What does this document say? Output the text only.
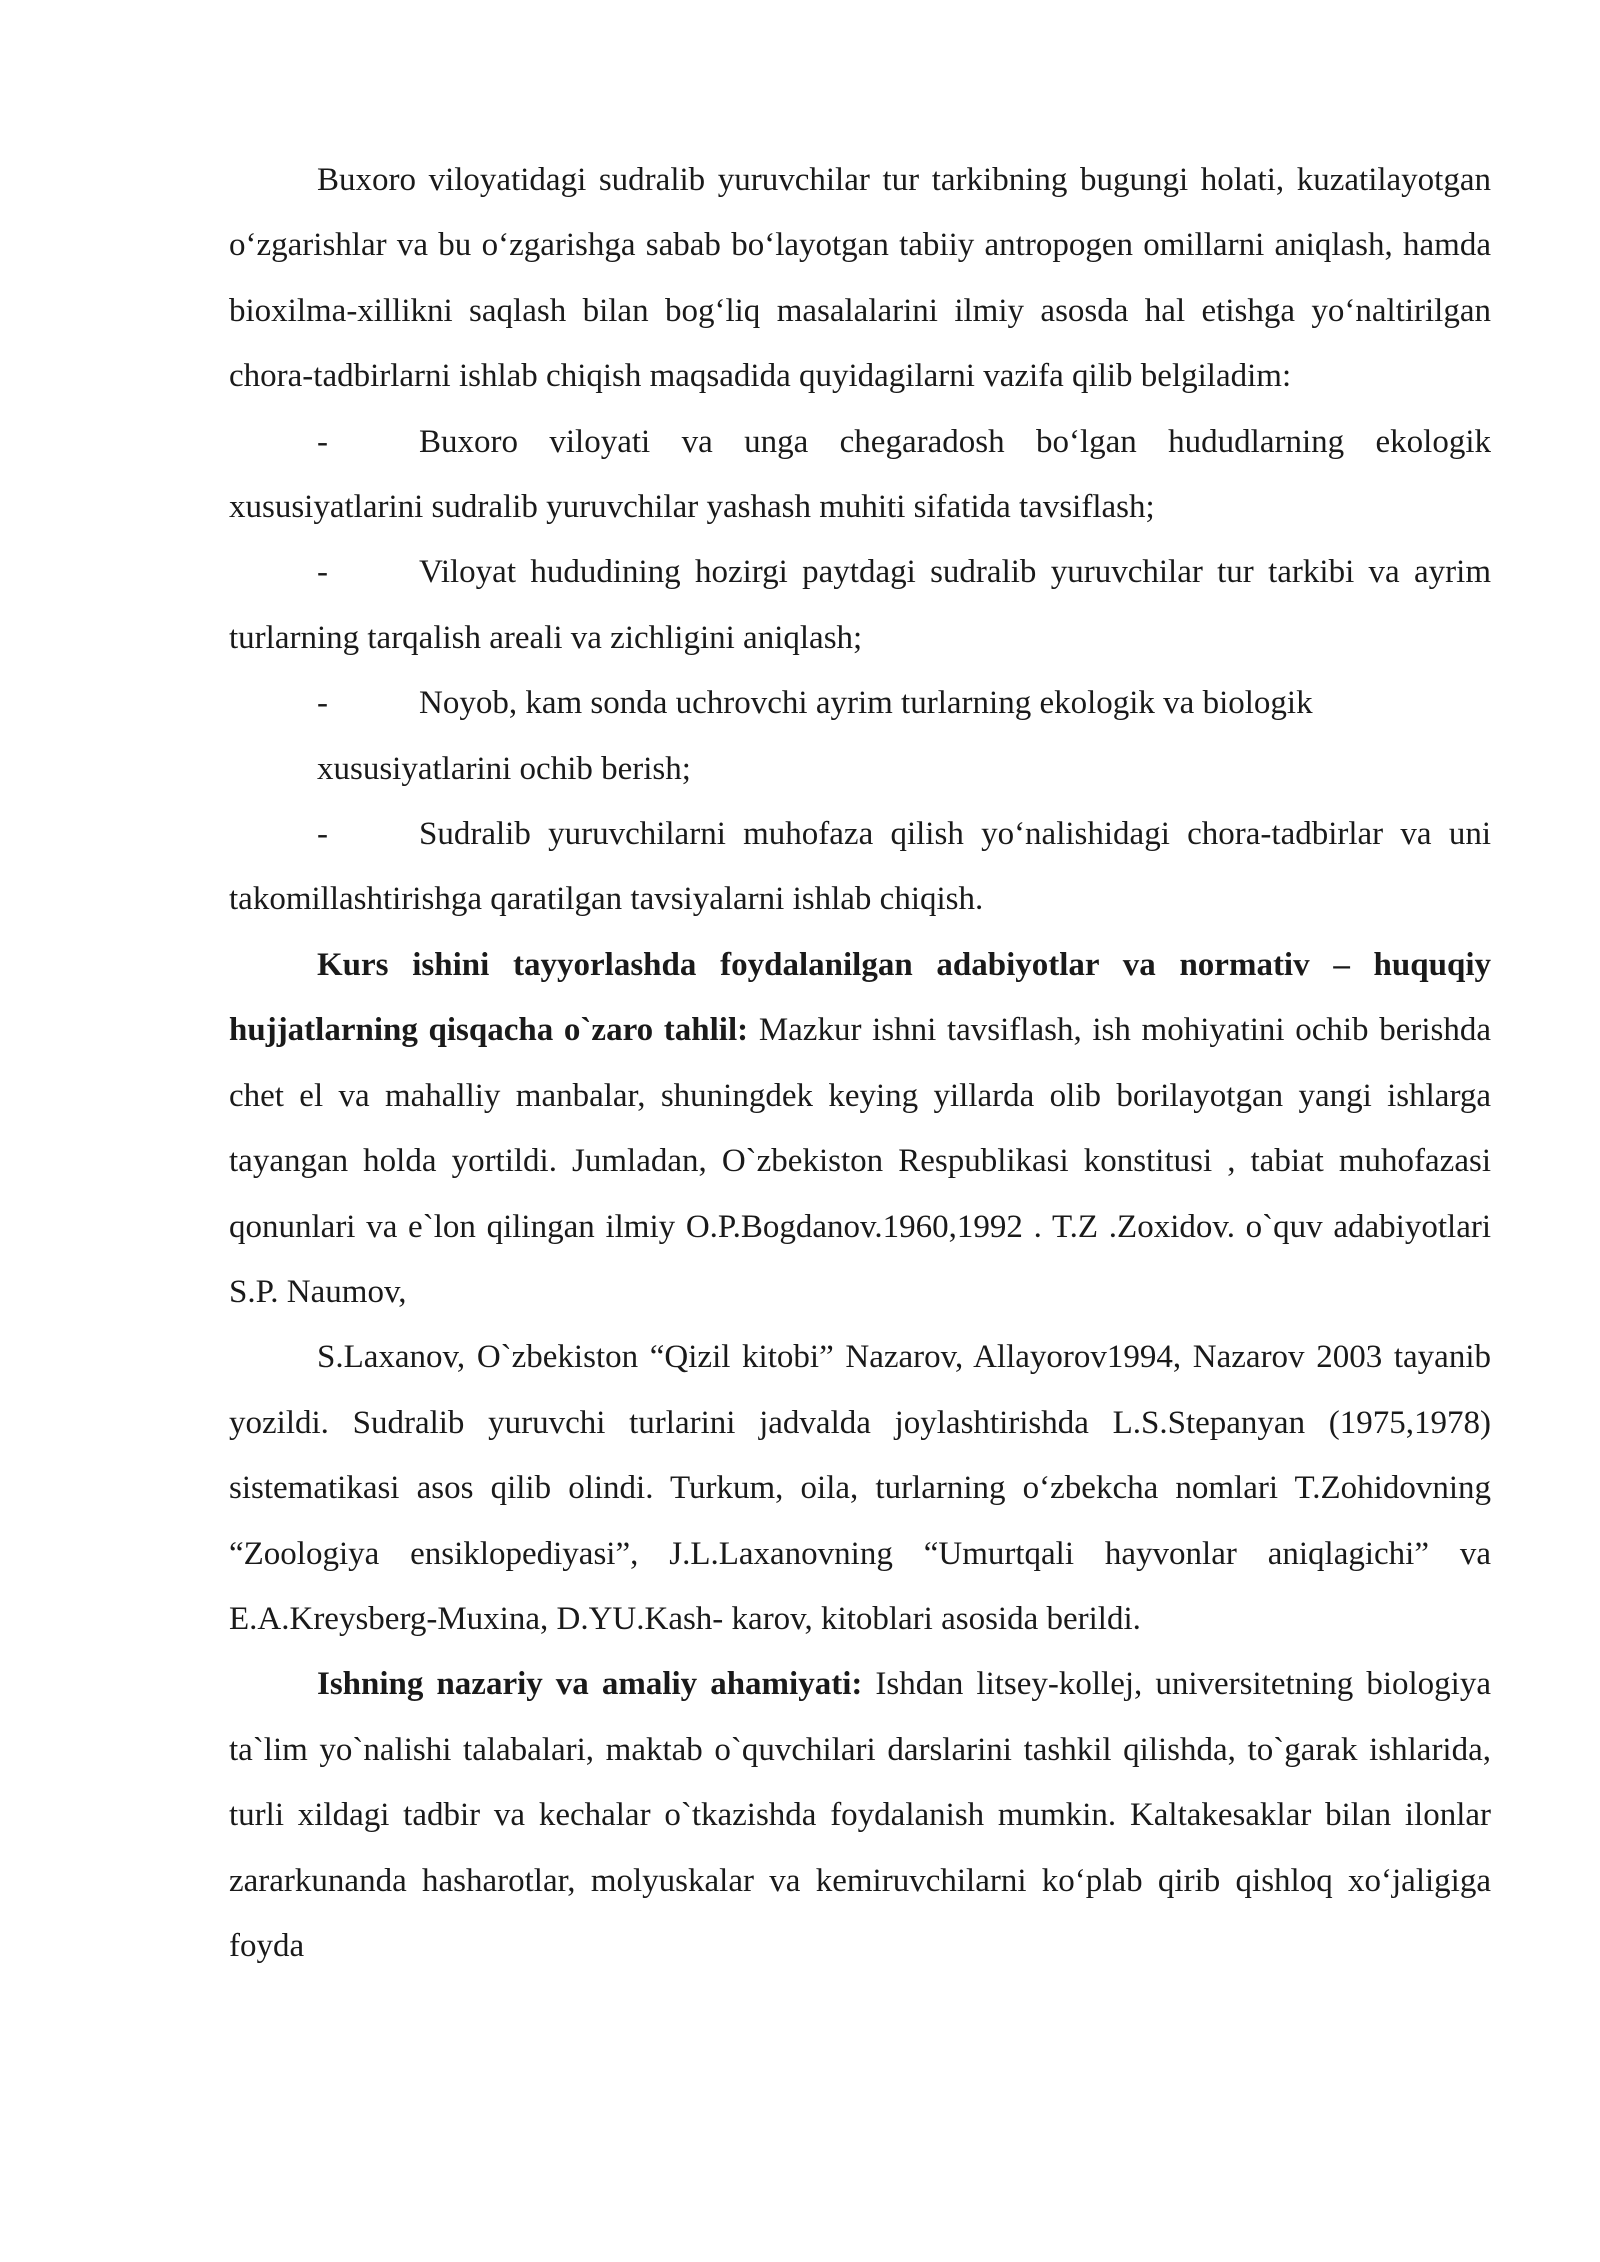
Buxoro viloyatidagi sudralib yuruvchilar tur tarkibning bugungi holati, kuzatilayotgan o‘zgarishlar va bu o‘zgarishga sabab bo‘layotgan tabiiy antropogen omillarni aniqlash, hamda bioxilma-xillikni saqlash bilan bog‘liq masalalarini ilmiy asosda hal etishga yo‘naltirilgan chora-tadbirlarni ishlab chiqish maqsadida quyidagilarni vazifa qilib belgiladim:

-	Buxoro viloyati va unga chegaradosh bo‘lgan hududlarning ekologik xususiyatlarini sudralib yuruvchilar yashash muhiti sifatida tavsiflash;

-	Viloyat hududining hozirgi paytdagi sudralib yuruvchilar tur tarkibi va ayrim turlarning tarqalish areali va zichligini aniqlash;

-	Noyob, kam sonda uchrovchi ayrim turlarning ekologik va biologik

xususiyatlarini ochib berish;

-	Sudralib yuruvchilarni muhofaza qilish yo‘nalishidagi chora-tadbirlar va uni takomillashtirishga qaratilgan tavsiyalarni ishlab chiqish.

Kurs ishini tayyorlashda foydalanilgan adabiyotlar va normativ – huquqiy hujjatlarning qisqacha o`zaro tahlil: Mazkur ishni tavsiflash, ish mohiyatini ochib berishda chet el va mahalliy manbalar, shuningdek keying yillarda olib borilayotgan yangi ishlarga tayangan holda yortildi. Jumladan, O`zbekiston Respublikasi konstitusi , tabiat muhofazasi qonunlari va e`lon qilingan ilmiy O.P.Bogdanov.1960,1992 . T.Z .Zoxidov. o`quv adabiyotlari S.P. Naumov,

S.Laxanov, O`zbekiston “Qizil kitobi” Nazarov, Allayorov1994, Nazarov 2003 tayanib yozildi. Sudralib yuruvchi turlarini jadvalda joylashtirishda L.S.Stepanyan (1975,1978) sistematikasi asos qilib olindi. Turkum, oila, turlarning o‘zbekcha nomlari T.Zohidovning “Zoologiya ensiklopediyasi”, J.L.Laxanovning “Umurtqali hayvonlar aniqlagichi” va E.A.Kreysberg-Muxina, D.YU.Kash- karov, kitoblari asosida berildi.

Ishning nazariy va amaliy ahamiyati: Ishdan litsey-kollej, universitetning biologiya ta`lim yo`nalishi talabalari, maktab o`quvchilari darslarini tashkil qilishda, to`garak ishlarida, turli xildagi tadbir va kechalar o`tkazishda foydalanish mumkin. Kaltakesaklar bilan ilonlar zararkunanda hasharotlar, molyuskalar va kemiruvchilarni ko‘plab qirib qishloq xo‘jaligiga foyda
